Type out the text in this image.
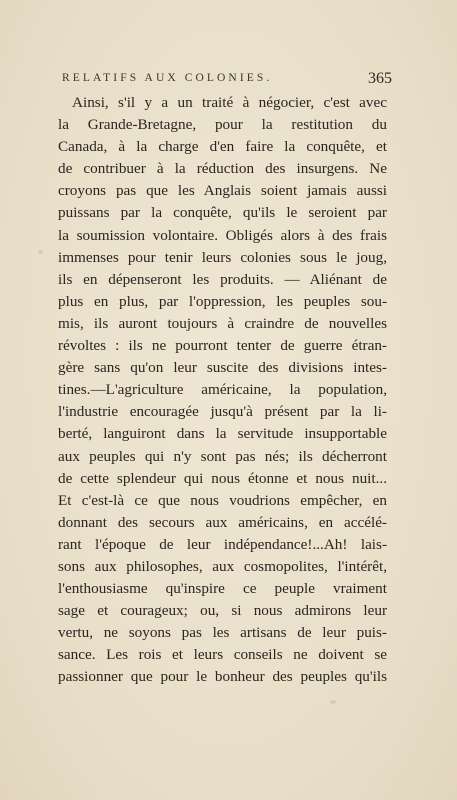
RELATIFS AUX COLONIES.	365
Ainsi, s'il y a un traité à négocier, c'est avec
la Grande-Bretagne, pour la restitution du
Canada, à la charge d'en faire la conquête, et
de contribuer à la réduction des insurgens. Ne
croyons pas que les Anglais soient jamais aussi
puissans par la conquête, qu'ils le seroient par
la soumission volontaire. Obligés alors à des frais
immenses pour tenir leurs colonies sous le joug,
ils en dépenseront les produits. — Aliénant de
plus en plus, par l'oppression, les peuples sou-
mis, ils auront toujours à craindre de nouvelles
révoltes : ils ne pourront tenter de guerre étran-
gère sans qu'on leur suscite des divisions intes-
tines.—L'agriculture américaine, la population,
l'industrie encouragée jusqu'à présent par la li-
berté, languiront dans la servitude insupportable
aux peuples qui n'y sont pas nés; ils décherront
de cette splendeur qui nous étonne et nous nuit...
Et c'est-là ce que nous voudrions empêcher, en
donnant des secours aux américains, en accélé-
rant l'époque de leur indépendance!...Ah! lais-
sons aux philosophes, aux cosmopolites, l'intérêt,
l'enthousiasme qu'inspire ce peuple vraiment
sage et courageux; ou, si nous admirons leur
vertu, ne soyons pas les artisans de leur puis-
sance. Les rois et leurs conseils ne doivent se
passionner que pour le bonheur des peuples qu'ils
